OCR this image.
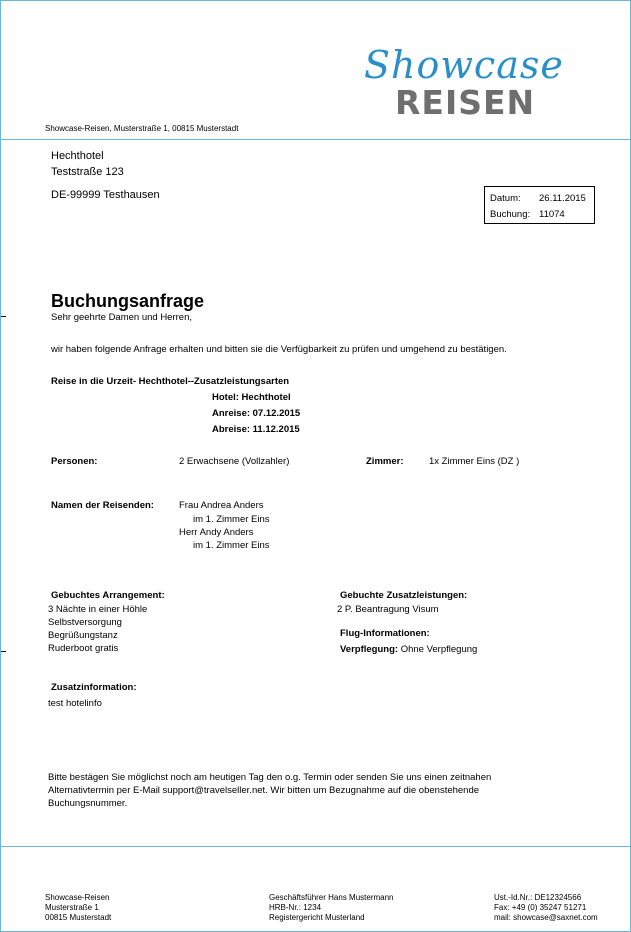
Showcase
REISEN
Showcase-Reisen, Musterstraße 1, 00815 Musterstadt
Hechthotel
Teststraße 123
DE-99999 Testhausen	Datum: 26.11.2015
Buchung: 11074
Buchungsanfrage
Sehr geehrte Damen und Herren,
wir haben folgende Anfrage erhalten und bitten sie die Verfügbarkeit zu prüfen und umgehend zu bestätigen.
Reise in die Urzeit- Hechthotel--Zusatzleistungsarten
Hotel: Hechthotel
Anreise: 07.12.2015
Abreise: 11.12.2015
Personen:	2 Erwachsene (Vollzahler)	Zimmer:	1x Zimmer Eins (DZ )
Namen der Reisenden:	Frau Andrea Anders
im 1. Zimmer Eins
Herr Andy Anders
im 1. Zimmer Eins
Gebuchtes Arrangement:
3 Nächte in einer Höhle
Selbstversorgung
Begrüßungstanz
Ruderboot gratis
Gebuchte Zusatzleistungen:
2 P. Beantragung Visum
Flug-Informationen:
Verpflegung: Ohne Verpflegung
Zusatzinformation:
test hotelinfo
Bitte bestägen Sie möglichst noch am heutigen Tag den o.g. Termin oder senden Sie uns einen zeitnahen
Alternativtermin per E-Mail support@travelseller.net. Wir bitten um Bezugnahme auf die obenstehende
Buchungsnummer.
Showcase-Reisen
Musterstraße 1
00815 Musterstadt
Geschäftsführer Hans Mustermann
HRB-Nr.: 1234
Registergericht Musterland
Ust.-Id.Nr.: DE12324566
Fax: +49 (0) 35247 51271
mail: showcase@saxnet.com
